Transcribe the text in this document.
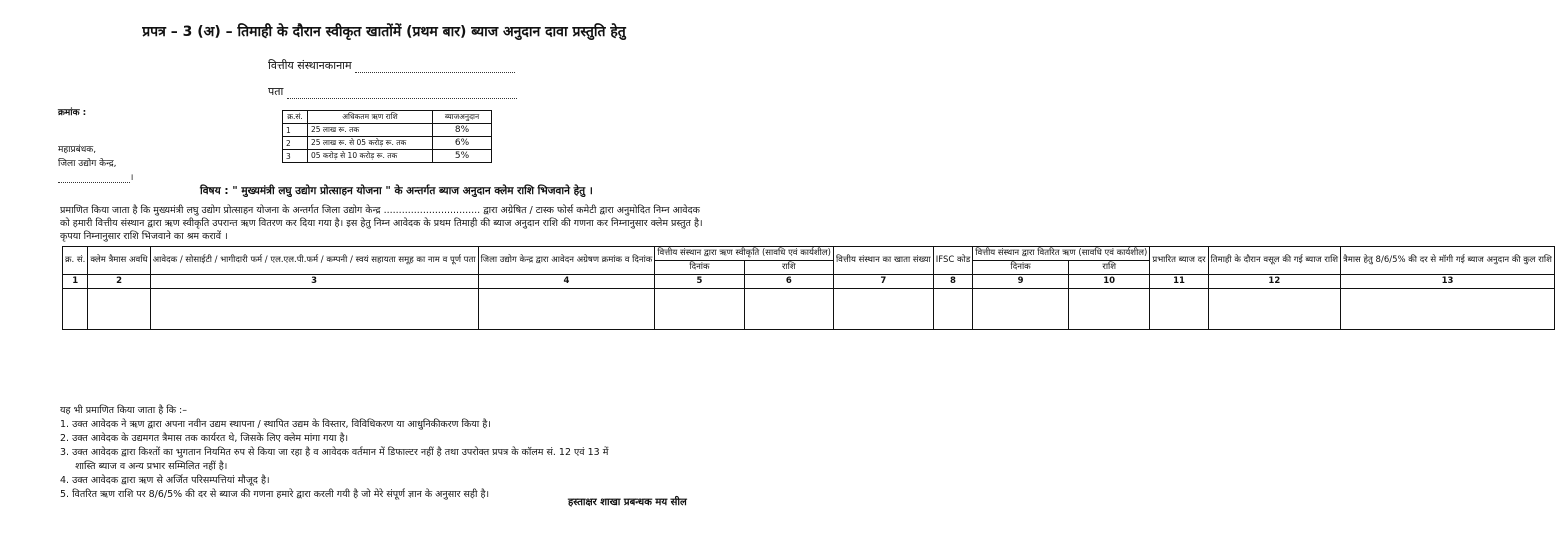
प्रपत्र – 3 (अ) – तिमाही के दौरान स्वीकृत खातोंमें (प्रथम बार) ब्याज अनुदान दावा प्रस्तुति हेतु
वित्तीय संस्थानकानाम
पता
क्रमांक :
महाप्रबंधक,
जिला उद्योग केन्द्र,
।
क्र.सं.	अधिकतम ऋण राशि	ब्याजअनुदान
1	25 लाख रू. तक	8%
2	25 लाख रू. से 05 करोड़ रू. तक	6%
3	05 करोड़ से 10 करोड़ रू. तक	5%
विषय : " मुख्यमंत्री लघु उद्योग प्रोत्साहन योजना " के अन्तर्गत ब्याज अनुदान क्लेम राशि भिजवाने हेतु ।
प्रमाणित किया जाता है कि मुख्यमंत्री लघु उद्योग प्रोत्साहन योजना के अन्तर्गत जिला उद्योग केन्द्र ................................ द्वारा अग्रेषित / टास्क फोर्स कमेटी द्वारा अनुमोदित निम्न आवेदक को हमारी वित्तीय संस्थान द्वारा ऋण स्वीकृति उपरान्त ऋण वितरण कर दिया गया है। इस हेतु निम्न आवेदक के प्रथम तिमाही की ब्याज अनुदान राशि की गणना कर निम्नानुसार क्लेम प्रस्तुत है। कृपया निम्नानुसार राशि भिजवाने का श्रम करावें ।
क्र. सं.	क्लेम त्रैमास अवधि	आवेदक / सोसाईटी / भागीदारी फर्म / एल.एल.पी.फर्म / कम्पनी / स्वयं सहायता समूह का नाम व पूर्ण पता	जिला उद्योग केन्द्र द्वारा आवेदन अग्रेषण क्रमांक व दिनांक	वित्तीय संस्थान द्वारा ऋण स्वीकृति (सावधि एवं कार्यशील)		वित्तीय संस्थान का खाता संख्या	IFSC कोड	वित्तीय संस्थान द्वारा वितरित ऋण (सावधि एवं कार्यशील)		प्रभारित ब्याज दर	तिमाही के दौरान वसूल की गई ब्याज राशि	त्रैमास हेतु 8/6/5% की दर से मॉगी गई ब्याज अनुदान की कुल राशि
				दिनांक	राशि			दिनांक	राशि			
1	2	3	4	5	6	7	8	9	10	11	12	13

यह भी प्रमाणित किया जाता है कि :–
1. उक्त आवेदक ने ऋण द्वारा अपना नवीन उद्यम स्थापना / स्थापित उद्यम के विस्तार, विविधिकरण या आधुनिकीकरण किया है।
2. उक्त आवेदक के उद्यमगत त्रैमास तक कार्यरत थे, जिसके लिए क्लेम मांगा गया है।
3. उक्त आवेदक द्वारा किश्तों का भुगतान नियमित रुप से किया जा रहा है व आवेदक वर्तमान में डिफाल्टर नहीं है तथा उपरोक्त प्रपत्र के कॉलम सं. 12 एवं 13 में
शास्ति ब्याज व अन्य प्रभार सम्मिलित नहीं है।
4. उक्त आवेदक द्वारा ऋण से अर्जित परिसम्पत्तियां मौजूद है।
5. वितरित ऋण राशि पर 8/6/5% की दर से ब्याज की गणना हमारे द्वारा करली गयी है जो मेरे संपूर्ण ज्ञान के अनुसार सही है।
हस्ताक्षर शाखा प्रबन्धक मय सील
